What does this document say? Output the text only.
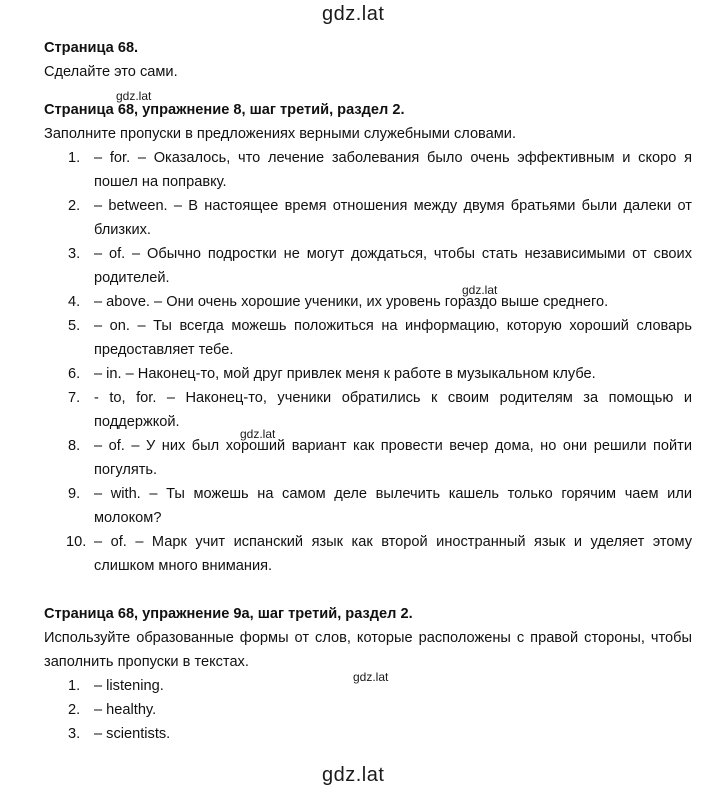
gdz.lat
gdz.lat
gdz.lat
gdz.lat
gdz.lat
gdz.lat

Страница 68.

Сделайте это сами.

Страница 68, упражнение 8, шаг третий, раздел 2.

Заполните пропуски в предложениях верными служебными словами.

1. – for. – Оказалось, что лечение заболевания было очень эффективным и скоро я пошел на поправку.
2. – between. – В настоящее время отношения между двумя братьями были далеки от близких.
3. – of. – Обычно подростки не могут дождаться, чтобы стать независимыми от своих родителей.
4. – above. – Они очень хорошие ученики, их уровень гораздо выше среднего.
5. – on. – Ты всегда можешь положиться на информацию, которую хороший словарь предоставляет тебе.
6. – in. – Наконец-то, мой друг привлек меня к работе в музыкальном клубе.
7. - to, for. – Наконец-то, ученики обратились к своим родителям за помощью и поддержкой.
8. – of. – У них был хороший вариант как провести вечер дома, но они решили пойти погулять.
9. – with. – Ты можешь на самом деле вылечить кашель только горячим чаем или молоком?
10. – of. – Марк учит испанский язык как второй иностранный язык и уделяет этому слишком много внимания.

Страница 68, упражнение 9а, шаг третий, раздел 2.

Используйте образованные формы от слов, которые расположены с правой стороны, чтобы заполнить пропуски в текстах.

1. – listening.
2. – healthy.
3. – scientists.
